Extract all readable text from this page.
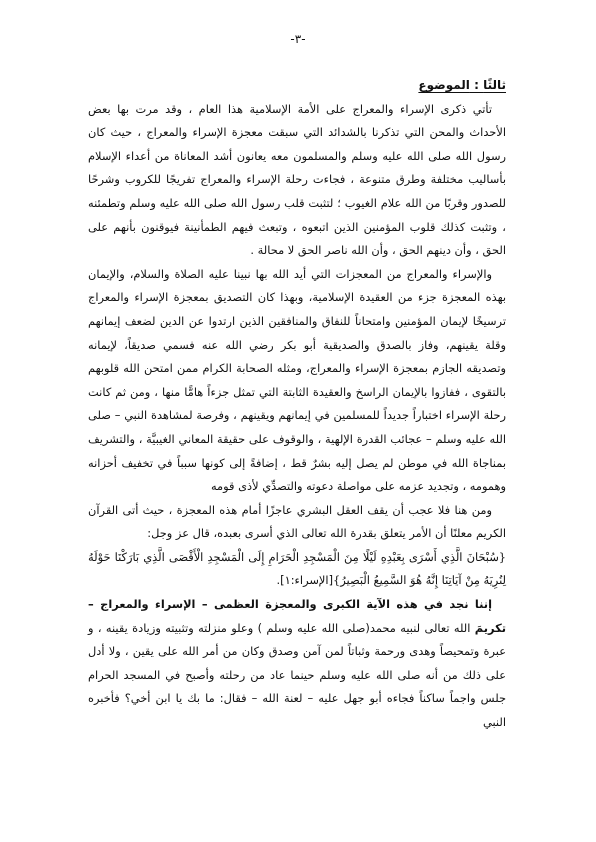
-٣-

ثالثًا : الموضوع

تأتي ذكرى الإسراء والمعراج على الأمة الإسلامية هذا العام ، وقد مرت بها بعض الأحداث والمحن التي تذكرنا بالشدائد التي سبقت معجزة الإسراء والمعراج ، حيث كان رسول الله صلى الله عليه وسلم والمسلمون معه يعانون أشد المعاناة من أعداء الإسلام بأساليب مختلفة وطرق متنوعة ، فجاءت رحلة الإسراء والمعراج تفريجًا للكروب وشرحًا للصدور وقربًا من الله علام الغيوب ؛ لتثبت قلب رسول الله صلى الله عليه وسلم وتطمئنه ، وتثبت كذلك قلوب المؤمنين الذين اتبعوه ، وتبعث فيهم الطمأنينة فيوقنون بأنهم على الحق ، وأن دينهم الحق ، وأن الله ناصر الحق لا محالة .

والإسراء والمعراج من المعجزات التي أيد الله بها نبينا عليه الصلاة والسلام، والإيمان بهذه المعجزة جزء من العقيدة الإسلامية، وبهذا كان التصديق بمعجزة الإسراء والمعراج ترسيخًا لإيمان المؤمنين وامتحاناً للنفاق والمنافقين الذين ارتدوا عن الدين لضعف إيمانهم وقلة يقينهم، وفاز بالصدق والصديقية أبو بكر رضي الله عنه فسمي صديقاً، لإيمانه وتصديقه الجازم بمعجزة الإسراء والمعراج، ومثله الصحابة الكرام ممن امتحن الله قلوبهم بالتقوى ، ففازوا بالإيمان الراسخ والعقيدة الثابتة التي تمثل جزءاً هامًّا منها ، ومن ثم كانت رحلة الإسراء اختباراً جديداً للمسلمين في إيمانهم ويقينهم ، وفرصة لمشاهدة النبي – صلى الله عليه وسلم – عجائب القدرة الإلهية ، والوقوف على حقيقة المعاني الغيبيَّة ، والتشريف بمناجاة الله في موطن لم يصل إليه بشرٌ قط ، إضافةً إلى كونها سبباً في تخفيف أحزانه وهمومه ، وتجديد عزمه على مواصلة دعوته والتصدِّي لأذى قومه

ومن هنا فلا عجب أن يقف العقل البشري عاجزًا أمام هذه المعجزة ، حيث أتى القرآن الكريم معلنًا أن الأمر يتعلق بقدرة الله تعالى الذي أسرى بعبده، قال عز وجل:

{سُبْحَانَ الَّذِي أَسْرَى بِعَبْدِهِ لَيْلًا مِنَ الْمَسْجِدِ الْحَرَامِ إِلَى الْمَسْجِدِ الْأَقْصَى الَّذِي بَارَكْنَا حَوْلَهُ لِنُرِيَهُ مِنْ آيَاتِنَا إِنَّهُ هُوَ السَّمِيعُ الْبَصِيرُ}[الإسراء:١].

إننا نجد في هذه الآية الكبرى والمعجزة العظمى – الإسراء والمعراج – تكريمَ الله تعالى لنبيه محمد(صلى الله عليه وسلم ) وعلو منزلته وتثبيته وزيادة يقينه ، و عبرة وتمحيصاً وهدى ورحمة وثباتاً لمن آمن وصدق وكان من أمر الله على يقين ، ولا أدل على ذلك من أنه صلى الله عليه وسلم حينما عاد من رحلته وأصبح في المسجد الحرام جلس واجماً ساكناً فجاءه أبو جهل عليه – لعنة الله – فقال: ما بك يا ابن أخي؟ فأخبره النبي
